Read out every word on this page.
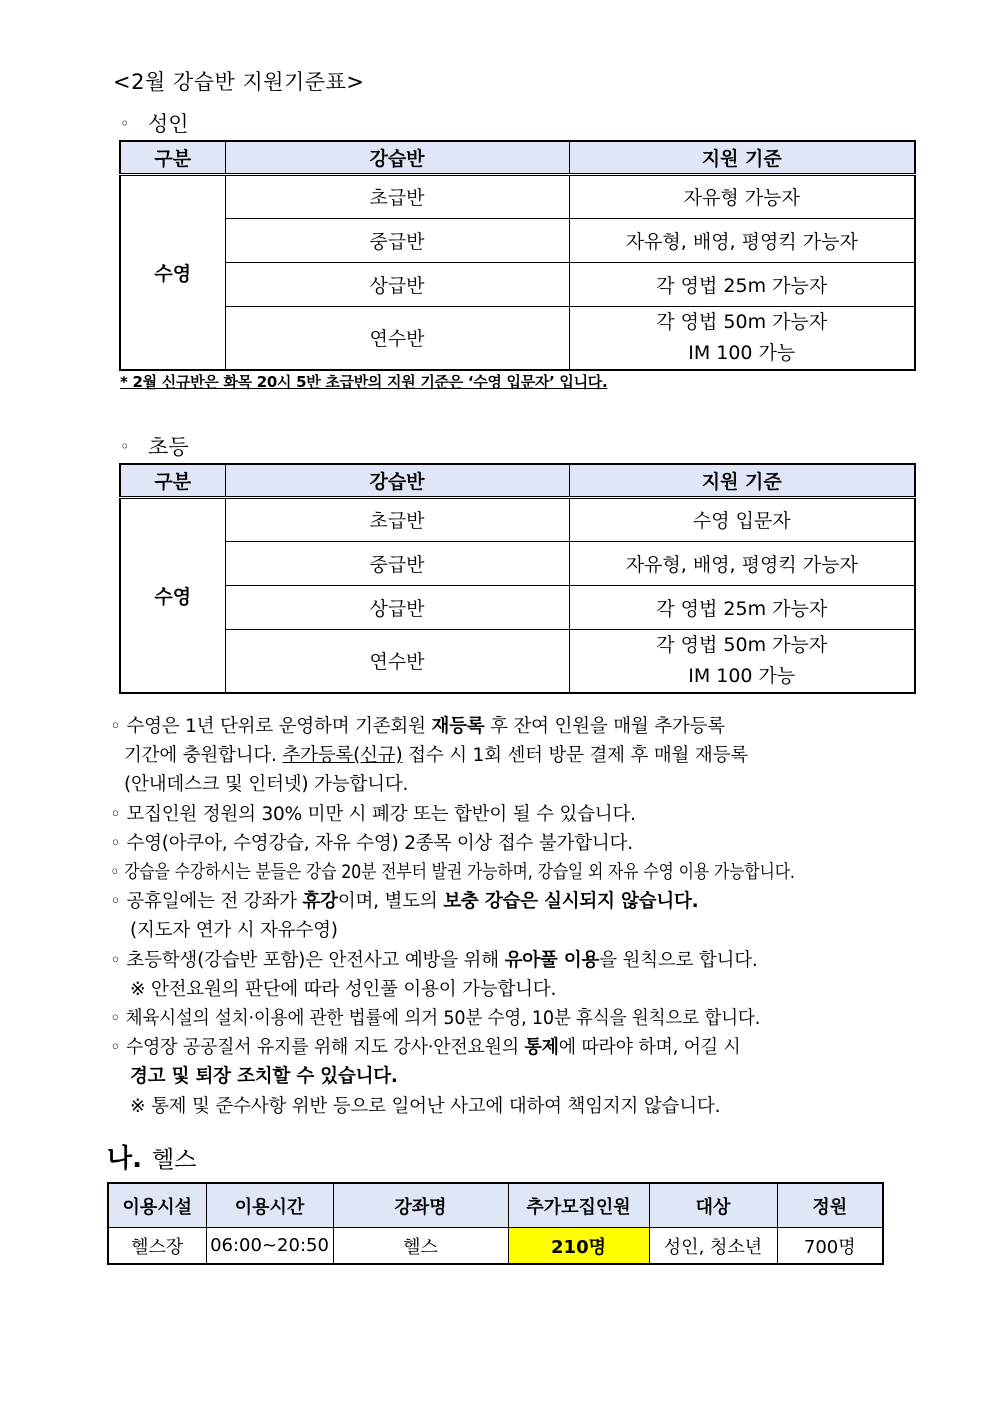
<2월 강습반 지원기준표>
◦ 성인
구분	강습반	지원 기준
수영	초급반	자유형 가능자
	중급반	자유형, 배영, 평영킥 가능자
	상급반	각 영법 25m 가능자
	연수반	각 영법 50m 가능자
IM 100 가능
* 2월 신규반은 화목 20시 5반 초급반의 지원 기준은 ‘수영 입문자’ 입니다.
◦ 초등
구분	강습반	지원 기준
수영	초급반	수영 입문자
	중급반	자유형, 배영, 평영킥 가능자
	상급반	각 영법 25m 가능자
	연수반	각 영법 50m 가능자
IM 100 가능
◦ 수영은 1년 단위로 운영하며 기존회원 재등록 후 잔여 인원을 매월 추가등록
기간에 충원합니다. 추가등록(신규) 접수 시 1회 센터 방문 결제 후 매월 재등록
(안내데스크 및 인터넷) 가능합니다.
◦ 모집인원 정원의 30% 미만 시 폐강 또는 합반이 될 수 있습니다.
◦ 수영(아쿠아, 수영강습, 자유 수영) 2종목 이상 접수 불가합니다.
◦ 강습을 수강하시는 분들은 강습 20분 전부터 발권 가능하며, 강습일 외 자유 수영 이용 가능합니다.
◦ 공휴일에는 전 강좌가 휴강이며, 별도의 보충 강습은 실시되지 않습니다.
(지도자 연가 시 자유수영)
◦ 초등학생(강습반 포함)은 안전사고 예방을 위해 유아풀 이용을 원칙으로 합니다.
※ 안전요원의 판단에 따라 성인풀 이용이 가능합니다.
◦ 체육시설의 설치·이용에 관한 법률에 의거 50분 수영, 10분 휴식을 원칙으로 합니다.
◦ 수영장 공공질서 유지를 위해 지도 강사·안전요원의 통제에 따라야 하며, 어길 시
경고 및 퇴장 조치할 수 있습니다.
※ 통제 및 준수사항 위반 등으로 일어난 사고에 대하여 책임지지 않습니다.
나. 헬스
이용시설	이용시간	강좌명	추가모집인원	대상	정원
헬스장	06:00~20:50	헬스	210명	성인, 청소년	700명
